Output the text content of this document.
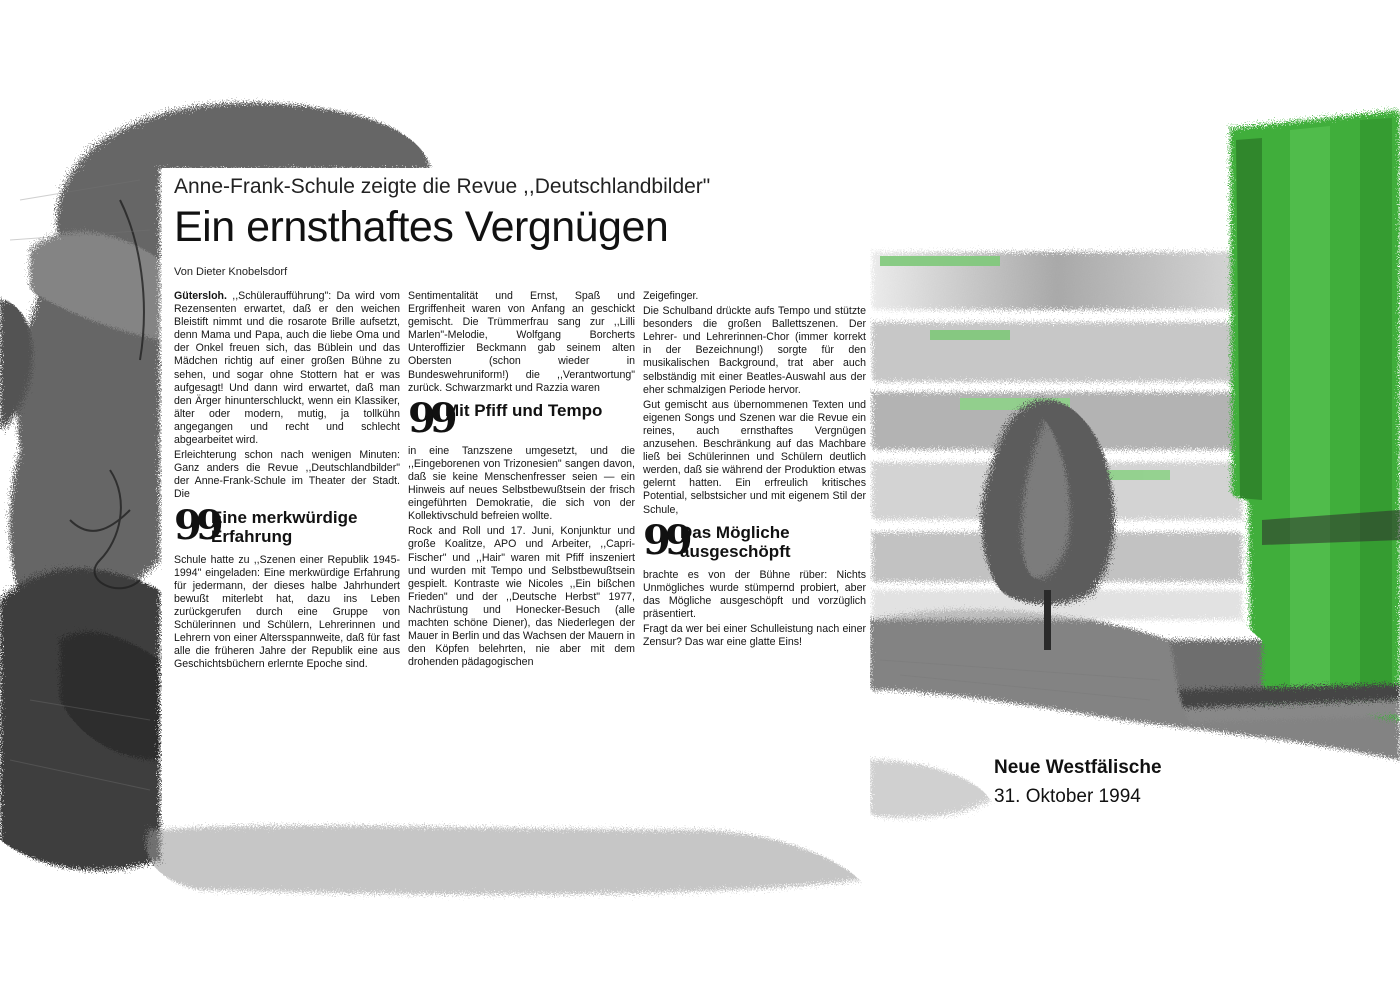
Anne-Frank-Schule zeigte die Revue ,,Deutschlandbilder"
Ein ernsthaftes Vergnügen
Von Dieter Knobelsdorf

Gütersloh. ,,Schüleraufführung": Da wird vom Rezensenten erwartet, daß er den weichen Bleistift nimmt und die rosarote Brille aufsetzt, denn Mama und Papa, auch die liebe Oma und der Onkel freuen sich, das Büblein und das Mädchen richtig auf einer großen Bühne zu sehen, und sogar ohne Stottern hat er was aufgesagt! Und dann wird erwartet, daß man den Ärger hinunterschluckt, wenn ein Klassiker, älter oder modern, mutig, ja tollkühn angegangen und recht und schlecht abgearbeitet wird.

Erleichterung schon nach wenigen Minuten: Ganz anders die Revue ,,Deutschlandbilder" der Anne-Frank-Schule im Theater der Stadt. Die

99
Eine merkwürdige Erfahrung

Schule hatte zu ,,Szenen einer Republik 1945-1994" eingeladen: Eine merkwürdige Erfahrung für jedermann, der dieses halbe Jahrhundert bewußt miterlebt hat, dazu ins Leben zurückgerufen durch eine Gruppe von Schülerinnen und Schülern, Lehrerinnen und Lehrern von einer Altersspannweite, daß für fast alle die früheren Jahre der Republik eine aus Geschichtsbüchern erlernte Epoche sind.

Sentimentalität und Ernst, Spaß und Ergriffenheit waren von Anfang an geschickt gemischt. Die Trümmerfrau sang zur ,,Lilli Marlen"-Melodie, Wolfgang Borcherts Unteroffizier Beckmann gab seinem alten Obersten (schon wieder in Bundeswehruniform!) die ,,Verantwortung" zurück. Schwarzmarkt und Razzia waren

99
Mit Pfiff und Tempo

in eine Tanzszene umgesetzt, und die ,,Eingeborenen von Trizonesien" sangen davon, daß sie keine Menschenfresser seien — ein Hinweis auf neues Selbstbewußtsein der frisch eingeführten Demokratie, die sich von der Kollektivschuld befreien wollte.

Rock and Roll und 17. Juni, Konjunktur und große Koalitze, APO und Arbeiter, ,,Capri-Fischer" und ,,Hair" waren mit Pfiff inszeniert und wurden mit Tempo und Selbstbewußtsein gespielt. Kontraste wie Nicoles ,,Ein bißchen Frieden" und der ,,Deutsche Herbst" 1977, Nachrüstung und Honecker-Besuch (alle machten schöne Diener), das Niederlegen der Mauer in Berlin und das Wachsen der Mauern in den Köpfen belehrten, nie aber mit dem drohenden pädagogischen

Zeigefinger.

Die Schulband drückte aufs Tempo und stützte besonders die großen Ballettszenen. Der Lehrer- und Lehrerinnen-Chor (immer korrekt in der Bezeichnung!) sorgte für den musikalischen Background, trat aber auch selbständig mit einer Beatles-Auswahl aus der eher schmalzigen Periode hervor.

Gut gemischt aus übernommenen Texten und eigenen Songs und Szenen war die Revue ein reines, auch ernsthaftes Vergnügen anzusehen. Beschränkung auf das Machbare ließ bei Schülerinnen und Schülern deutlich werden, daß sie während der Produktion etwas gelernt hatten. Ein erfreulich kritisches Potential, selbstsicher und mit eigenem Stil der Schule,

99
Das Mögliche ausgeschöpft

brachte es von der Bühne rüber: Nichts Unmögliches wurde stümpernd probiert, aber das Mögliche ausgeschöpft und vorzüglich präsentiert.

Fragt da wer bei einer Schulleistung nach einer Zensur? Das war eine glatte Eins!

Neue Westfälische
31. Oktober 1994
